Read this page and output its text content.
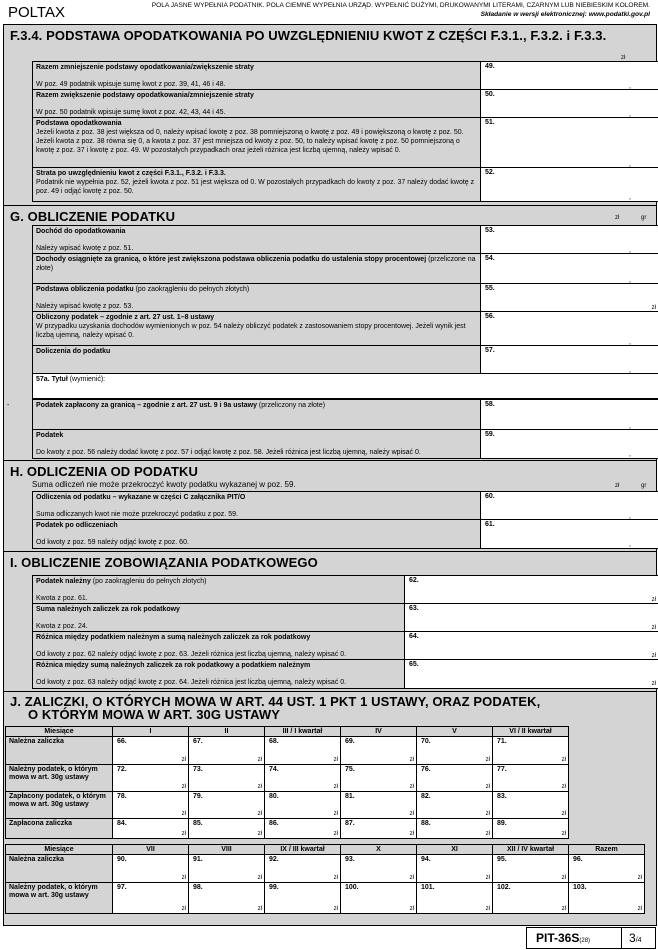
POLTAX	POLA JASNE WYPEŁNIA PODATNIK. POLA CIEMNE WYPEŁNIA URZĄD. WYPEŁNIĆ DUŻYMI, DRUKOWANYMI LITERAMI, CZARNYM LUB NIEBIESKIM KOLOREM.
Składanie w wersji elektronicznej: www.podatki.gov.pl
F.3.4. PODSTAWA OPODATKOWANIA PO UWZGLĘDNIENIU KWOT Z CZĘŚCI F.3.1., F.3.2. i F.3.3.
zł
Razem zmniejszenie podstawy opodatkowania/zwiększenie straty
W poz. 49 podatnik wpisuje sumę kwot z poz. 39, 41, 46 i 48.
49.
,
Razem zwiększenie podstawy opodatkowania/zmniejszenie straty
W poz. 50 podatnik wpisuje sumę kwot z poz. 42, 43, 44 i 45.
50.
,
Podstawa opodatkowania
Jeżeli kwota z poz. 38 jest większa od 0, należy wpisać kwotę z poz. 38 pomniejszoną o kwotę z poz. 49 i powiększoną o kwotę z poz. 50. Jeżeli kwota z poz. 38 równa się 0, a kwota z poz. 37 jest mniejsza od kwoty z poz. 50, to należy wpisać kwotę z poz. 50 pomniejszoną o kwotę z poz. 37 i kwotę z poz. 49. W pozostałych przypadkach oraz jeżeli różnica jest liczbą ujemną, należy wpisać 0.
51.
,
Strata po uwzględnieniu kwot z części F.3.1., F.3.2. i F.3.3.
Podatnik nie wypełnia poz. 52, jeżeli kwota z poz. 51 jest większa od 0. W pozostałych przypadkach do kwoty z poz. 37 należy dodać kwotę z poz. 49 i odjąć kwotę z poz. 50.
52.
,
G. OBLICZENIE PODATKU	zł	gr
Dochód do opodatkowania
Należy wpisać kwotę z poz. 51.
53.
,
Dochody osiągnięte za granicą, o które jest zwiększona podstawa obliczenia podatku do ustalenia stopy procentowej (przeliczone na złote)
54.
,
Podstawa obliczenia podatku (po zaokrągleniu do pełnych złotych)
Należy wpisać kwotę z poz. 53.
55.
zł
Obliczony podatek – zgodnie z art. 27 ust. 1–8 ustawy
W przypadku uzyskania dochodów wymienionych w poz. 54 należy obliczyć podatek z zastosowaniem stopy procentowej. Jeżeli wynik jest liczbą ujemną, należy wpisać 0.
56.
,
Doliczenia do podatku	57.
,
57a. Tytuł (wymienić):
-	Podatek zapłacony za granicą – zgodnie z art. 27 ust. 9 i 9a ustawy (przeliczony na złote)	58.
,
Podatek
Do kwoty z poz. 56 należy dodać kwotę z poz. 57 i odjąć kwotę z poz. 58. Jeżeli różnica jest liczbą ujemną, należy wpisać 0.
59.
,
H. ODLICZENIA OD PODATKU
Suma odliczeń nie może przekroczyć kwoty podatku wykazanej w poz. 59.	zł	gr
Odliczenia od podatku – wykazane w części C załącznika PIT/O
Suma odliczanych kwot nie może przekroczyć podatku z poz. 59.
60.
,
Podatek po odliczeniach
Od kwoty z poz. 59 należy odjąć kwotę z poz. 60.
61.
,
I. OBLICZENIE ZOBOWIĄZANIA PODATKOWEGO
Podatek należny (po zaokrągleniu do pełnych złotych)
Kwota z poz. 61.
62.
zł
Suma należnych zaliczek za rok podatkowy
Kwota z poz. 24.
63.
zł
Różnica między podatkiem należnym a sumą należnych zaliczek za rok podatkowy
Od kwoty z poz. 62 należy odjąć kwotę z poz. 63. Jeżeli różnica jest liczbą ujemną, należy wpisać 0.
64.
zł
Różnica między sumą należnych zaliczek za rok podatkowy a podatkiem należnym
Od kwoty z poz. 63 należy odjąć kwotę z poz. 64. Jeżeli różnica jest liczbą ujemną, należy wpisać 0.
65.
zł
J. ZALICZKI, O KTÓRYCH MOWA W ART. 44 UST. 1 PKT 1 USTAWY, ORAZ PODATEK,
O KTÓRYM MOWA W ART. 30G USTAWY
Miesiące	I	II	III / I kwartał	IV	V	VI / II kwartał
Należna zaliczka	66.
zł	67.
zł	68.
zł	69.
zł	70.
zł	71.
zł

Należny podatek, o którym mowa w art. 30g ustawy	72.
zł	73.
zł	74.
zł	75.
zł	76.
zł	77.
zł

Zapłacony podatek, o którym mowa w art. 30g ustawy	78.
zł	79.
zł	80.
zł	81.
zł	82.
zł	83.
zł

Zapłacona zaliczka	84.
zł	85.
zł	86.
zł	87.
zł	88.
zł	89.
zł
Miesiące	VII	VIII	IX / III kwartał	X	XI	XII / IV kwartał	Razem
Należna zaliczka	90.
zł	91.
zł	92.
zł	93.
zł	94.
zł	95.
zł	96.
zł

Należny podatek, o którym mowa w art. 30g ustawy	97.
zł	98.
zł	99.
zł	100.
zł	101.
zł	102.
zł	103.
zł
PIT-36S(28)	3/4
